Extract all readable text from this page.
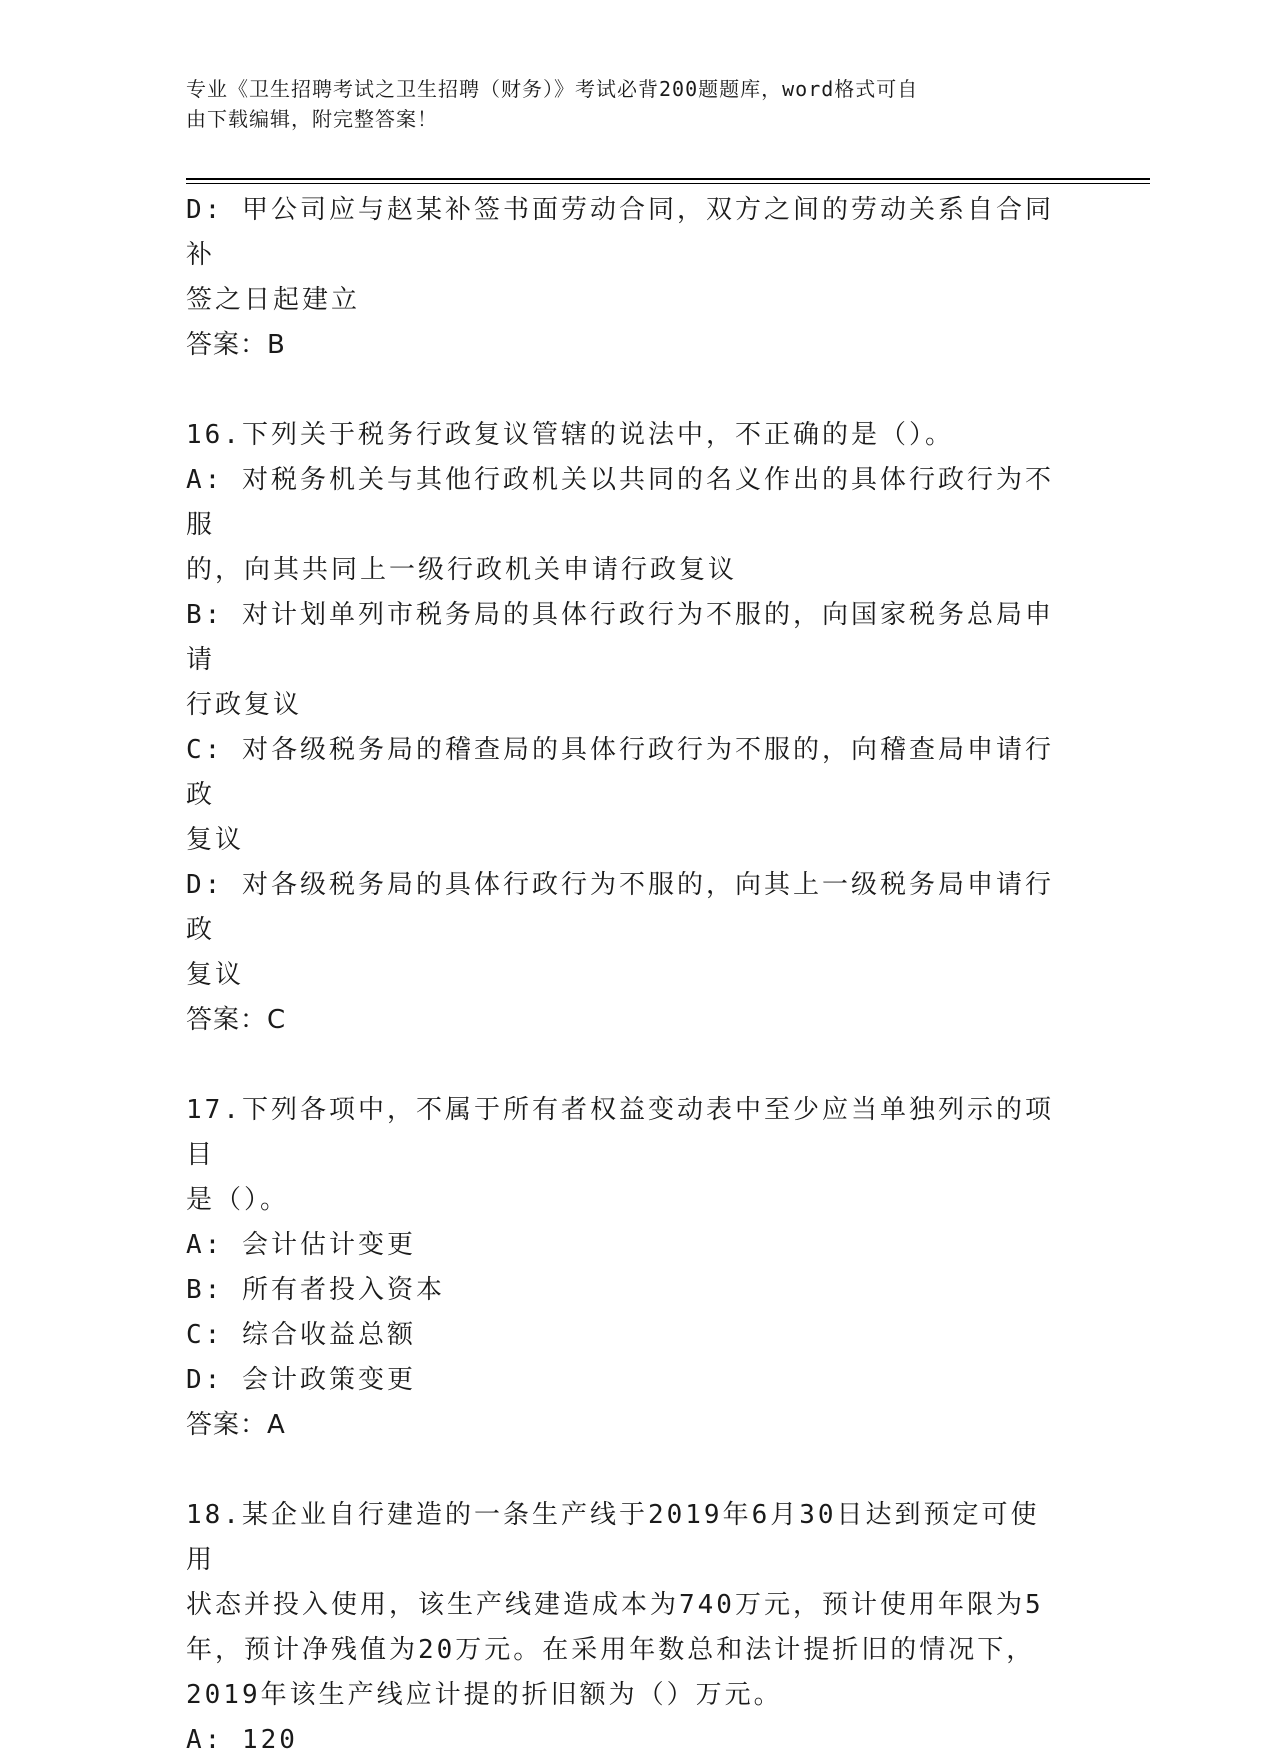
专业《卫生招聘考试之卫生招聘（财务）》考试必背200题题库，word格式可自
由下载编辑，附完整答案！
D: 甲公司应与赵某补签书面劳动合同，双方之间的劳动关系自合同补
签之日起建立
答案：B
16.下列关于税务行政复议管辖的说法中，不正确的是（）。
A: 对税务机关与其他行政机关以共同的名义作出的具体行政行为不服
的，向其共同上一级行政机关申请行政复议
B: 对计划单列市税务局的具体行政行为不服的，向国家税务总局申请
行政复议
C: 对各级税务局的稽查局的具体行政行为不服的，向稽查局申请行政
复议
D: 对各级税务局的具体行政行为不服的，向其上一级税务局申请行政
复议
答案：C
17.下列各项中，不属于所有者权益变动表中至少应当单独列示的项目
是（）。
A: 会计估计变更
B: 所有者投入资本
C: 综合收益总额
D: 会计政策变更
答案：A
18.某企业自行建造的一条生产线于2019年6月30日达到预定可使用
状态并投入使用，该生产线建造成本为740万元，预计使用年限为5
年，预计净残值为20万元。在采用年数总和法计提折旧的情况下，
2019年该生产线应计提的折旧额为（）万元。
A: 120
